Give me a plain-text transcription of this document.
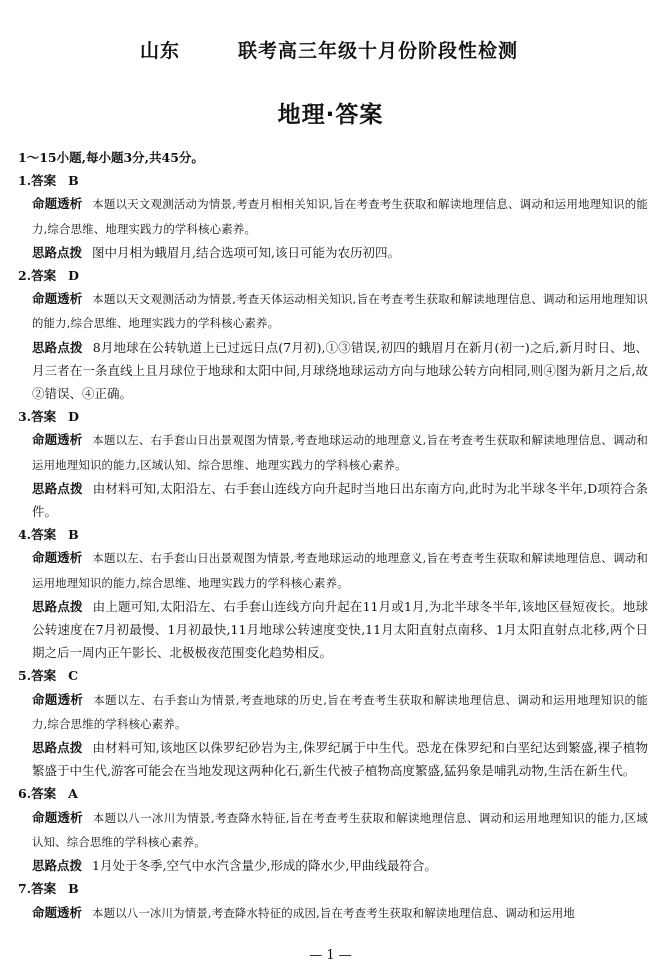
山东	联考高三年级十月份阶段性检测
地理·答案
1～15小题,每小题3分,共45分。
1.答案 B
命题透析 本题以天文观测活动为情景,考查月相相关知识,旨在考查考生获取和解读地理信息、调动和运用地理知识的能力,综合思维、地理实践力的学科核心素养。
思路点拨 图中月相为蛾眉月,结合选项可知,该日可能为农历初四。
2.答案 D
命题透析 本题以天文观测活动为情景,考查天体运动相关知识,旨在考查考生获取和解读地理信息、调动和运用地理知识的能力,综合思维、地理实践力的学科核心素养。
思路点拨 8月地球在公转轨道上已过远日点(7月初),①③错误,初四的蛾眉月在新月(初一)之后,新月时日、地、月三者在一条直线上且月球位于地球和太阳中间,月球绕地球运动方向与地球公转方向相同,则④图为新月之后,故②错误、④正确。
3.答案 D
命题透析 本题以左、右手套山日出景观图为情景,考查地球运动的地理意义,旨在考查考生获取和解读地理信息、调动和运用地理知识的能力,区域认知、综合思维、地理实践力的学科核心素养。
思路点拨 由材料可知,太阳沿左、右手套山连线方向升起时当地日出东南方向,此时为北半球冬半年,D项符合条件。
4.答案 B
命题透析 本题以左、右手套山日出景观图为情景,考查地球运动的地理意义,旨在考查考生获取和解读地理信息、调动和运用地理知识的能力,综合思维、地理实践力的学科核心素养。
思路点拨 由上题可知,太阳沿左、右手套山连线方向升起在11月或1月,为北半球冬半年,该地区昼短夜长。地球公转速度在7月初最慢、1月初最快,11月地球公转速度变快,11月太阳直射点南移、1月太阳直射点北移,两个日期之后一周内正午影长、北极极夜范围变化趋势相反。
5.答案 C
命题透析 本题以左、右手套山为情景,考查地球的历史,旨在考查考生获取和解读地理信息、调动和运用地理知识的能力,综合思维的学科核心素养。
思路点拨 由材料可知,该地区以侏罗纪砂岩为主,侏罗纪属于中生代。恐龙在侏罗纪和白垩纪达到繁盛,裸子植物繁盛于中生代,游客可能会在当地发现这两种化石,新生代被子植物高度繁盛,猛犸象是哺乳动物,生活在新生代。
6.答案 A
命题透析 本题以八一冰川为情景,考查降水特征,旨在考查考生获取和解读地理信息、调动和运用地理知识的能力,区域认知、综合思维的学科核心素养。
思路点拨 1月处于冬季,空气中水汽含量少,形成的降水少,甲曲线最符合。
7.答案 B
命题透析 本题以八一冰川为情景,考查降水特征的成因,旨在考查考生获取和解读地理信息、调动和运用地
— 1 —
